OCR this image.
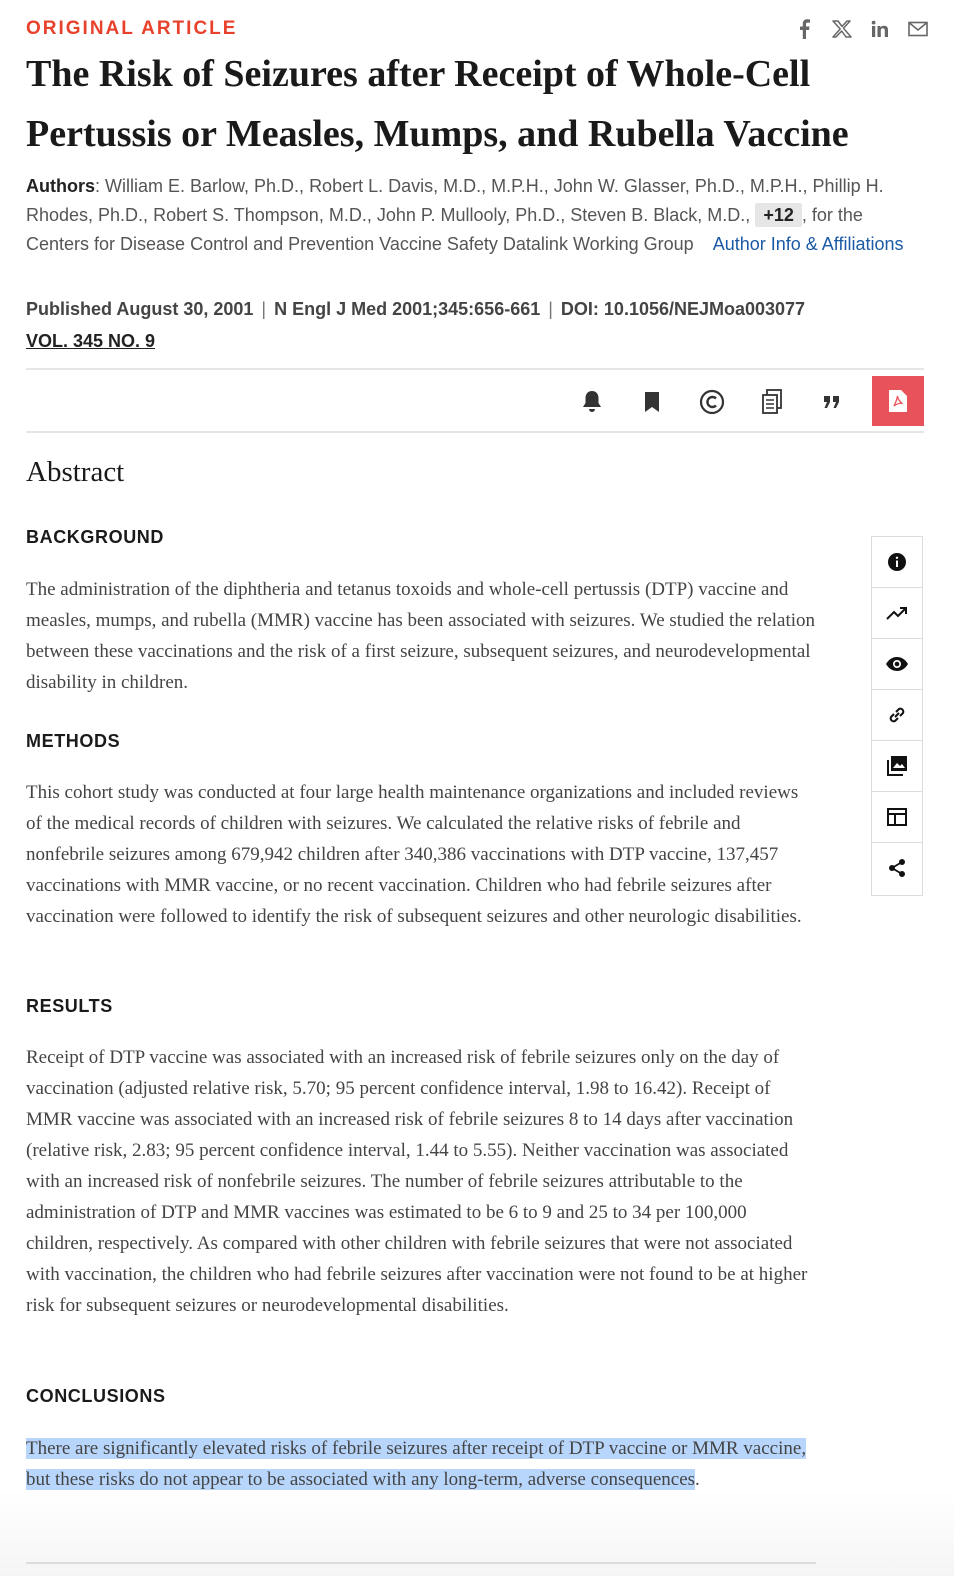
ORIGINAL ARTICLE
The Risk of Seizures after Receipt of Whole-Cell Pertussis or Measles, Mumps, and Rubella Vaccine
Authors: William E. Barlow, Ph.D., Robert L. Davis, M.D., M.P.H., John W. Glasser, Ph.D., M.P.H., Phillip H. Rhodes, Ph.D., Robert S. Thompson, M.D., John P. Mullooly, Ph.D., Steven B. Black, M.D., +12 , for the Centers for Disease Control and Prevention Vaccine Safety Datalink Working Group Author Info & Affiliations
Published August 30, 2001 | N Engl J Med 2001;345:656-661 | DOI: 10.1056/NEJMoa003077
VOL. 345 NO. 9
Abstract
BACKGROUND

The administration of the diphtheria and tetanus toxoids and whole-cell pertussis (DTP) vaccine and measles, mumps, and rubella (MMR) vaccine has been associated with seizures. We studied the relation between these vaccinations and the risk of a first seizure, subsequent seizures, and neurodevelopmental disability in children.

METHODS

This cohort study was conducted at four large health maintenance organizations and included reviews of the medical records of children with seizures. We calculated the relative risks of febrile and nonfebrile seizures among 679,942 children after 340,386 vaccinations with DTP vaccine, 137,457 vaccinations with MMR vaccine, or no recent vaccination. Children who had febrile seizures after vaccination were followed to identify the risk of subsequent seizures and other neurologic disabilities.

RESULTS

Receipt of DTP vaccine was associated with an increased risk of febrile seizures only on the day of vaccination (adjusted relative risk, 5.70; 95 percent confidence interval, 1.98 to 16.42). Receipt of MMR vaccine was associated with an increased risk of febrile seizures 8 to 14 days after vaccination (relative risk, 2.83; 95 percent confidence interval, 1.44 to 5.55). Neither vaccination was associated with an increased risk of nonfebrile seizures. The number of febrile seizures attributable to the administration of DTP and MMR vaccines was estimated to be 6 to 9 and 25 to 34 per 100,000 children, respectively. As compared with other children with febrile seizures that were not associated with vaccination, the children who had febrile seizures after vaccination were not found to be at higher risk for subsequent seizures or neurodevelopmental disabilities.

CONCLUSIONS

There are significantly elevated risks of febrile seizures after receipt of DTP vaccine or MMR vaccine, but these risks do not appear to be associated with any long-term, adverse consequences.
